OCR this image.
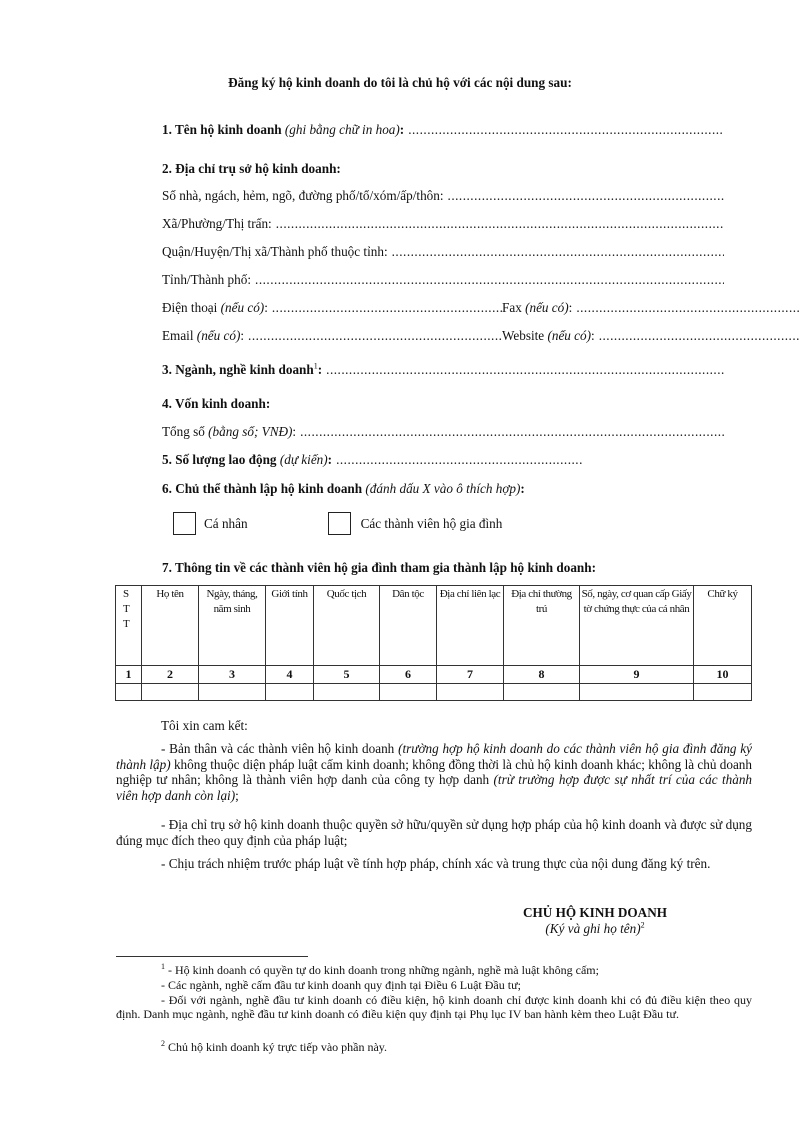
Đăng ký hộ kinh doanh do tôi là chủ hộ với các nội dung sau:
1. Tên hộ kinh doanh (ghi bằng chữ in hoa):
.....
2. Địa chỉ trụ sở hộ kinh doanh:
Số nhà, ngách, hẻm, ngõ, đường phố/tổ/xóm/ấp/thôn:
.....
Xã/Phường/Thị trấn:
.....
Quận/Huyện/Thị xã/Thành phố thuộc tỉnh:
.....
Tỉnh/Thành phố:
.....
Điện thoại (nếu có): .....	Fax (nếu có):
.....
Email (nếu có): .....	Website (nếu có):
.....
3. Ngành, nghề kinh doanh$^1$:
.....
4. Vốn kinh doanh:
Tổng số (bằng số; VNĐ):
.....
5. Số lượng lao động (dự kiến):
.....
6. Chủ thể thành lập hộ kinh doanh (đánh dấu X vào ô thích hợp):
Cá nhân	Các thành viên hộ gia đình
7. Thông tin về các thành viên hộ gia đình tham gia thành lập hộ kinh doanh:
S T T	Họ tên	Ngày, tháng, năm sinh	Giới tính	Quốc tịch	Dân tộc	Địa chỉ liên lạc	Địa chỉ thường trú	Số, ngày, cơ quan cấp Giấy tờ chứng thực của cá nhân	Chữ ký
1	2	3	4	5	6	7	8	9	10

Tôi xin cam kết:
- Bản thân và các thành viên hộ kinh doanh (trường hợp hộ kinh doanh do các thành viên hộ gia đình đăng ký thành lập) không thuộc diện pháp luật cấm kinh doanh; không đồng thời là chủ hộ kinh doanh khác; không là chủ doanh nghiệp tư nhân; không là thành viên hợp danh của công ty hợp danh (trừ trường hợp được sự nhất trí của các thành viên hợp danh còn lại);
- Địa chỉ trụ sở hộ kinh doanh thuộc quyền sở hữu/quyền sử dụng hợp pháp của hộ kinh doanh và được sử dụng đúng mục đích theo quy định của pháp luật;
- Chịu trách nhiệm trước pháp luật về tính hợp pháp, chính xác và trung thực của nội dung đăng ký trên.
CHỦ HỘ KINH DOANH
(Ký và ghi họ tên)$^2$
$^1$ - Hộ kinh doanh có quyền tự do kinh doanh trong những ngành, nghề mà luật không cấm;
- Các ngành, nghề cấm đầu tư kinh doanh quy định tại Điều 6 Luật Đầu tư;
- Đối với ngành, nghề đầu tư kinh doanh có điều kiện, hộ kinh doanh chỉ được kinh doanh khi có đủ điều kiện theo quy định. Danh mục ngành, nghề đầu tư kinh doanh có điều kiện quy định tại Phụ lục IV ban hành kèm theo Luật Đầu tư.
$^2$ Chủ hộ kinh doanh ký trực tiếp vào phần này.
